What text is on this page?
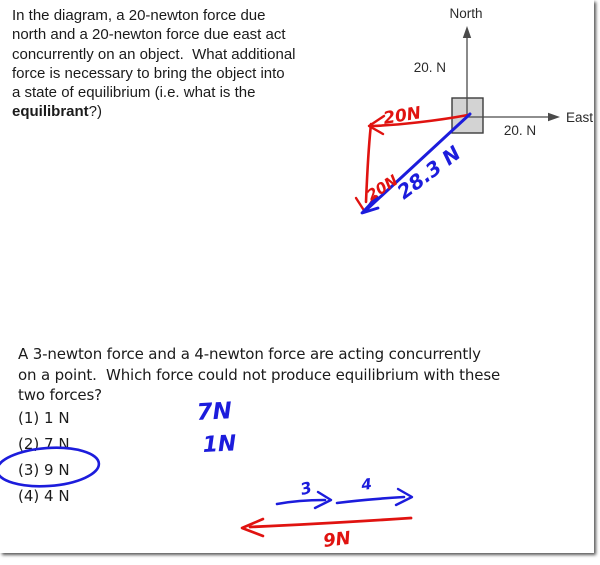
In the diagram, a 20-newton force due
north and a 20-newton force due east act
concurrently on an object.  What additional
force is necessary to bring the object into
a state of equilibrium (i.e. what is the
equilibrant?)
A 3-newton force and a 4-newton force are acting concurrently
on a point.  Which force could not produce equilibrium with these
two forces?
(1) 1 N
(2) 7 N
(3) 9 N
(4) 4 N
North
20. N
East
20. N
20N
20N
28.3 N
7N
1N
3	4
9N
